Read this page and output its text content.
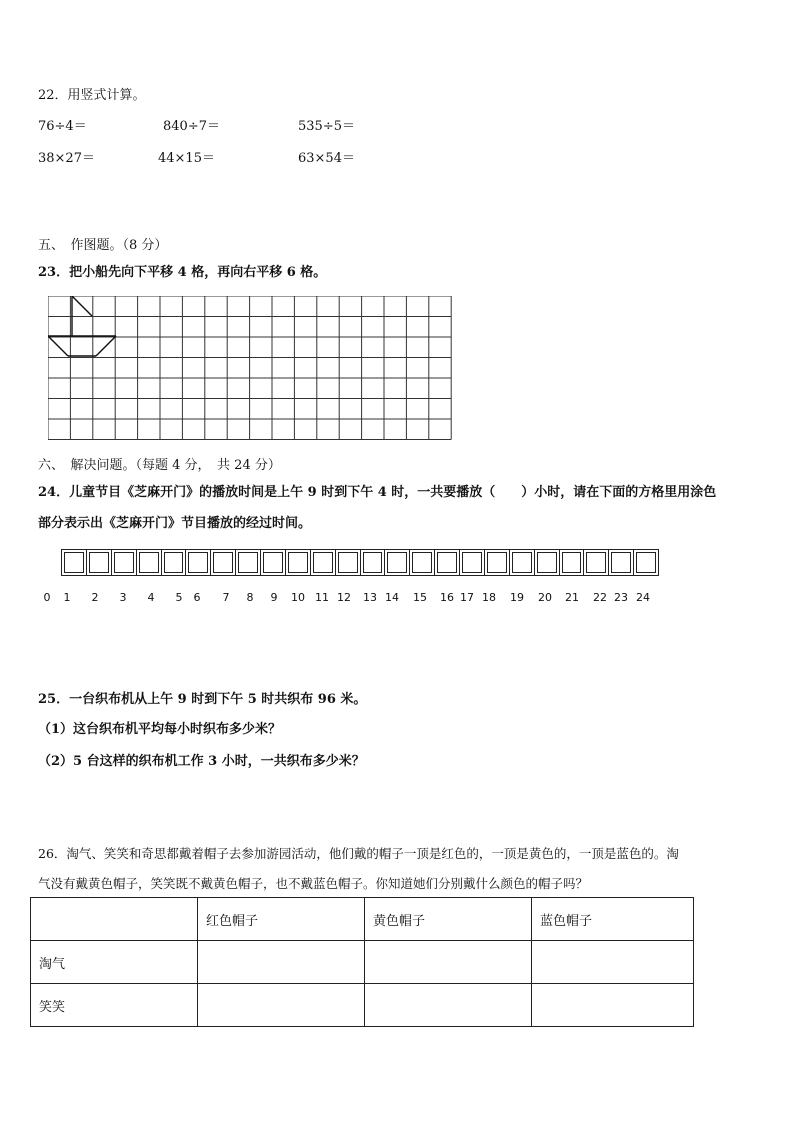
22．用竖式计算。
76÷4＝	840÷7＝	535÷5＝
38×27＝	44×15＝	63×54＝
五、　作图题。（8 分）
23．把小船先向下平移 4 格，再向右平移 6 格。
六、　解决问题。（每题 4 分，　共 24 分）
24．儿童节目《芝麻开门》的播放时间是上午 9 时到下午 4 时，一共要播放（　　）小时，请在下面的方格里用涂色
部分表示出《芝麻开门》节目播放的经过时间。
0 1 2 3 4 5 6 7 8 9 10 11 12 13 14 15 16 17 18 19 20 21 22 23 24
25．一台织布机从上午 9 时到下午 5 时共织布 96 米。
（1）这台织布机平均每小时织布多少米？
（2）5 台这样的织布机工作 3 小时，一共织布多少米？
26．淘气、笑笑和奇思都戴着帽子去参加游园活动，他们戴的帽子一顶是红色的，一顶是黄色的，一顶是蓝色的。淘
气没有戴黄色帽子，笑笑既不戴黄色帽子，也不戴蓝色帽子。你知道她们分别戴什么颜色的帽子吗？
	红色帽子	黄色帽子	蓝色帽子
淘气			
笑笑			
